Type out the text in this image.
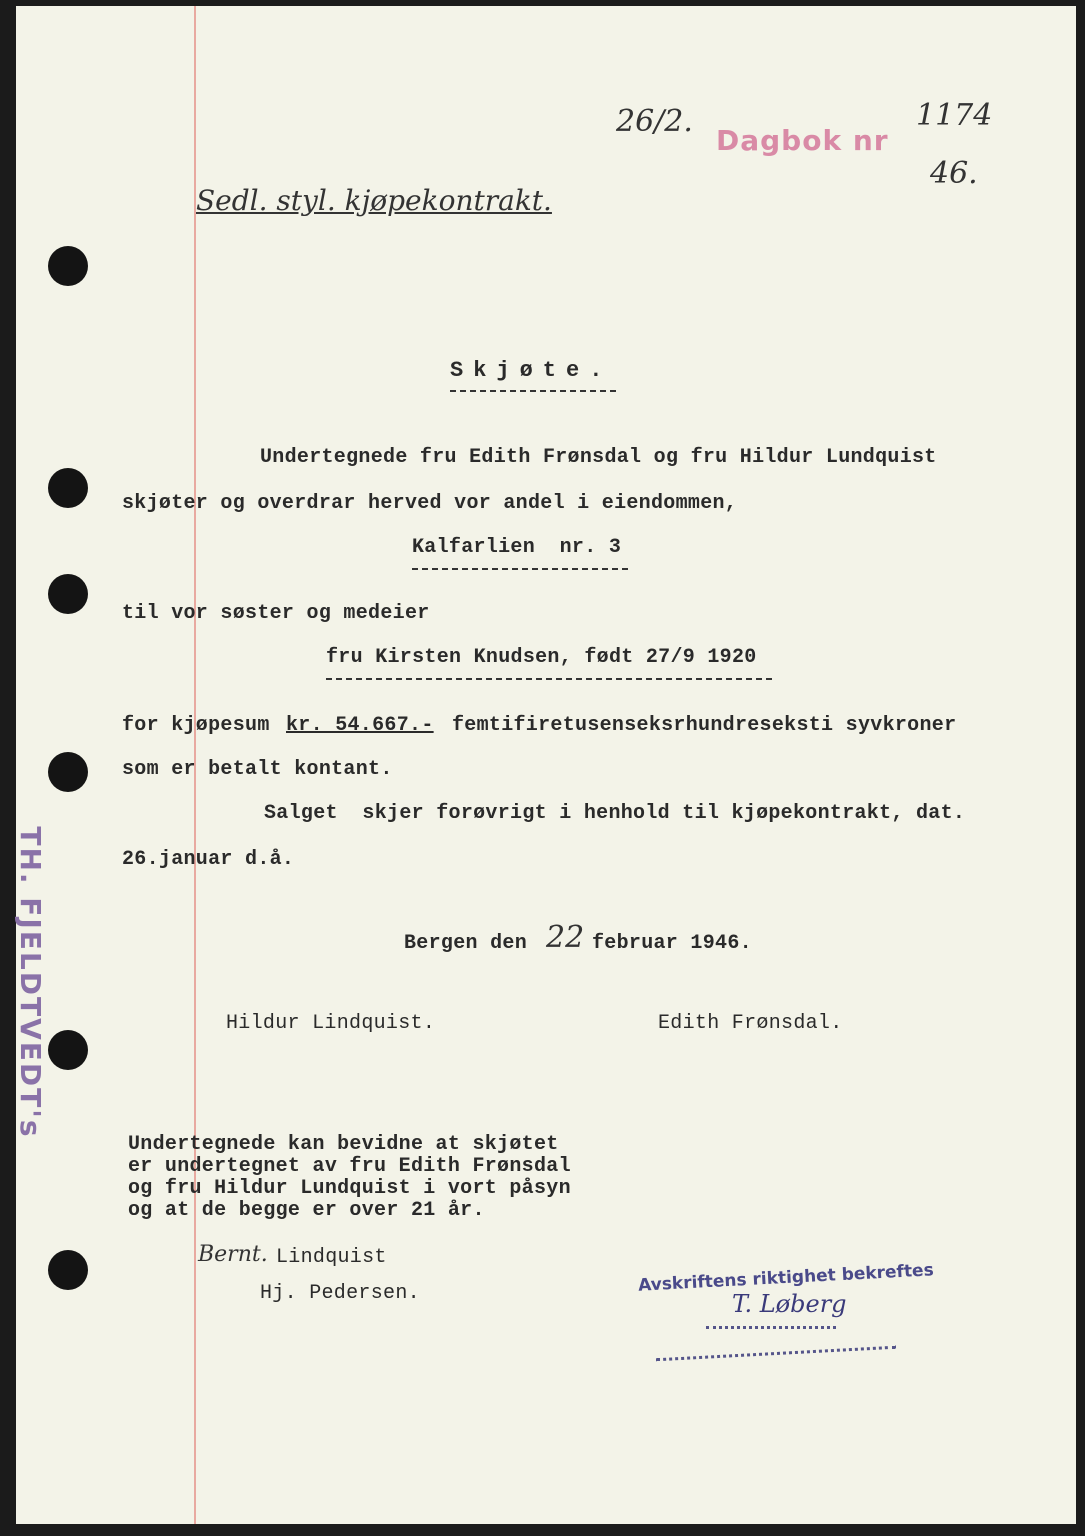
26/2.
Dagbok nr
1174
46.
Sedl. styl. kjøpekontrakt.
Skjøte.
Undertegnede fru Edith Frønsdal og fru Hildur Lundquist
skjøter og overdrar herved vor andel i eiendommen,
Kalfarlien  nr. 3
til vor søster og medeier
fru Kirsten Knudsen, født 27/9 1920
for kjøpesum kr. 54.667.- femtifiretusenseksrhundreseksti syvkroner
som er betalt kontant.
Salget  skjer forøvrigt i henhold til kjøpekontrakt, dat.
26.januar d.å.
Bergen den 22 februar 1946.
Hildur Lindquist.	Edith Frønsdal.
Undertegnede kan bevidne at skjøtet
er undertegnet av fru Edith Frønsdal
og fru Hildur Lundquist i vort påsyn
og at de begge er over 21 år.
Bernt. Lindquist
Hj. Pedersen.

TH. FJELDTVEDT's

Avskriftens riktighet bekreftes
T. Løberg
